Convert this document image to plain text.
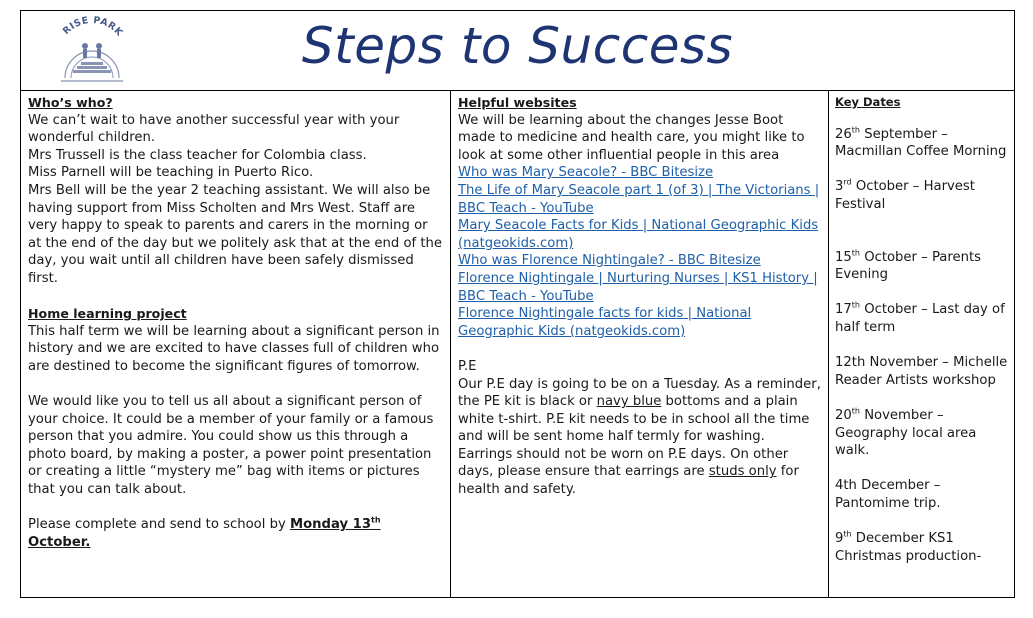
RISE PARK	Steps to Success

Who’s who?

We can’t wait to have another successful year with your wonderful children.

Mrs Trussell is the class teacher for Colombia class.

Miss Parnell will be teaching in Puerto Rico.

Mrs Bell will be the year 2 teaching assistant. We will also be having support from Miss Scholten and Mrs West. Staff are very happy to speak to parents and carers in the morning or at the end of the day but we politely ask that at the end of the day, you wait until all children have been safely dismissed first.

Home learning project

This half term we will be learning about a significant person in history and we are excited to have classes full of children who are destined to become the significant figures of tomorrow.

We would like you to tell us all about a significant person of your choice. It could be a member of your family or a famous person that you admire. You could show us this through a photo board, by making a poster, a power point presentation or creating a little “mystery me” bag with items or pictures that you can talk about.

Please complete and send to school by Monday 13th
October.

Helpful websites

We will be learning about the changes Jesse Boot made to medicine and health care, you might like to look at some other influential people in this area

Who was Mary Seacole? - BBC Bitesize

The Life of Mary Seacole part 1 (of 3) | The Victorians | BBC Teach - YouTube

Mary Seacole Facts for Kids | National Geographic Kids (natgeokids.com)

Who was Florence Nightingale? - BBC Bitesize

Florence Nightingale | Nurturing Nurses | KS1 History | BBC Teach - YouTube

Florence Nightingale facts for kids | National Geographic Kids (natgeokids.com)

P.E

Our P.E day is going to be on a Tuesday. As a reminder, the PE kit is black or navy blue bottoms and a plain white t-shirt. P.E kit needs to be in school all the time and will be sent home half termly for washing.

Earrings should not be worn on P.E days. On other days, please ensure that earrings are studs only for health and safety.

Key Dates

26th September – Macmillan Coffee Morning

3rd October – Harvest Festival

15th October – Parents Evening

17th October – Last day of half term

12th November – Michelle Reader Artists workshop

20th November – Geography local area walk.

4th December – Pantomime trip.

9th December KS1 Christmas production-
